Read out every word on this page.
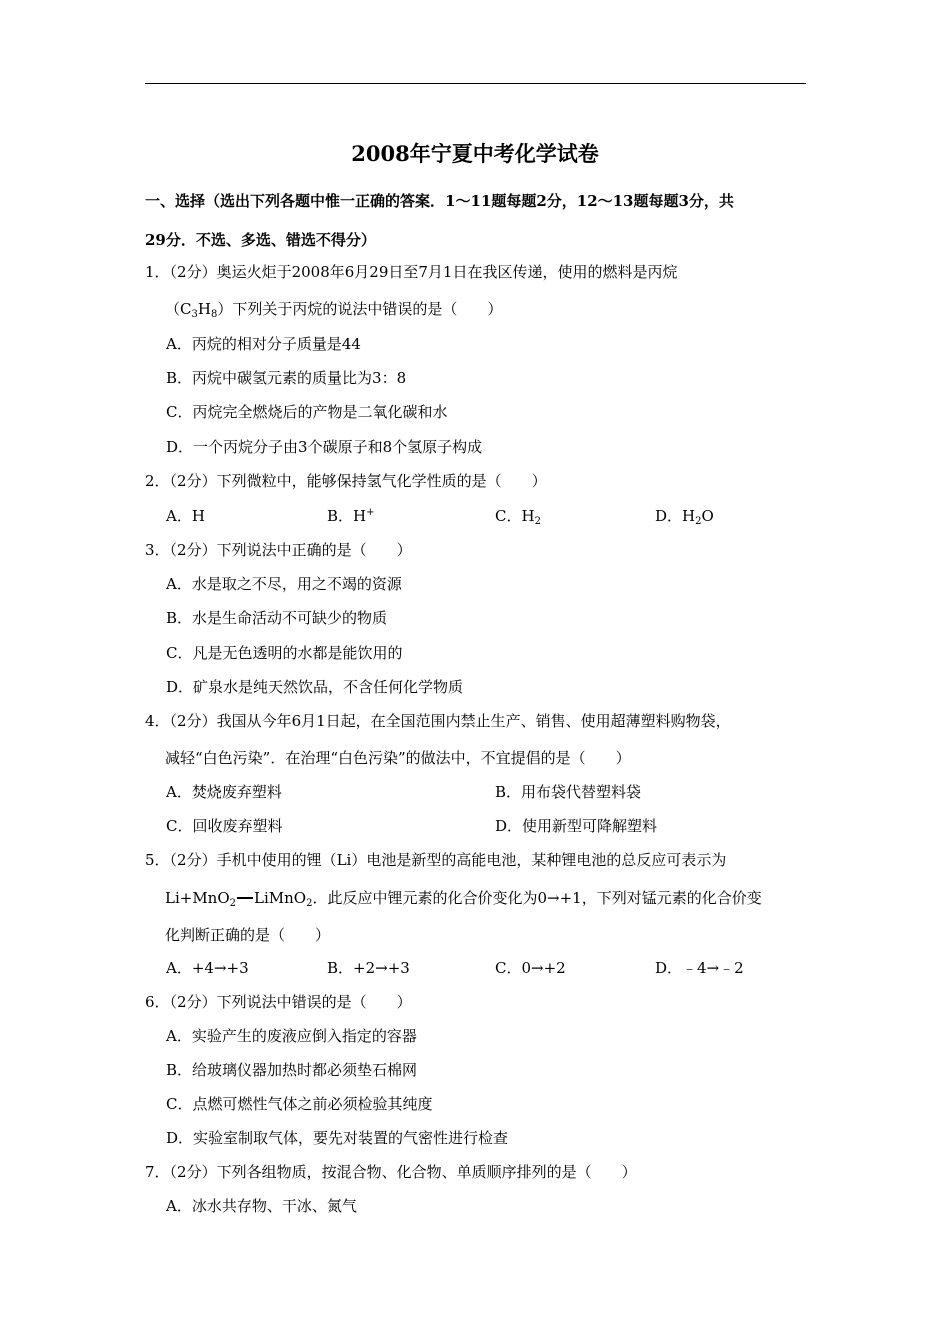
2008年宁夏中考化学试卷
一、选择（选出下列各题中惟一正确的答案．1～11题每题2分，12～13题每题3分，共
29分．不选、多选、错选不得分）
1．（2分）奥运火炬于2008年6月29日至7月1日在我区传递，使用的燃料是丙烷
$(C_3H_8)$下列关于丙烷的说法中错误的是（　　）
A．丙烷的相对分子质量是44
B．丙烷中碳氢元素的质量比为3：8
C．丙烷完全燃烧后的产物是二氧化碳和水
D．一个丙烷分子由3个碳原子和8个氢原子构成
2．（2分）下列微粒中，能够保持氢气化学性质的是（　　）
A．H	B．H+	C．$H_2$	D．$H_2O$
3．（2分）下列说法中正确的是（　　）
A．水是取之不尽，用之不竭的资源
B．水是生命活动不可缺少的物质
C．凡是无色透明的水都是能饮用的
D．矿泉水是纯天然饮品，不含任何化学物质
4．（2分）我国从今年6月1日起，在全国范围内禁止生产、销售、使用超薄塑料购物袋，
减轻“白色污染”．在治理“白色污染”的做法中，不宜提倡的是（　　）
A．焚烧废弃塑料	B．用布袋代替塑料袋
C．回收废弃塑料	D．使用新型可降解塑料
5．（2分）手机中使用的锂（Li）电池是新型的高能电池，某种锂电池的总反应可表示为
Li+MnO$_2$ LiMnO$_2$．此反应中锂元素的化合价变化为0→+1，下列对锰元素的化合价变
化判断正确的是（　　）
A．+4→+3	B．+2→+3	C．0→+2	D．﹣4→﹣2
6．（2分）下列说法中错误的是（　　）
A．实验产生的废液应倒入指定的容器
B．给玻璃仪器加热时都必须垫石棉网
C．点燃可燃性气体之前必须检验其纯度
D．实验室制取气体，要先对装置的气密性进行检查
7．（2分）下列各组物质，按混合物、化合物、单质顺序排列的是（　　）
A．冰水共存物、干冰、氮气
